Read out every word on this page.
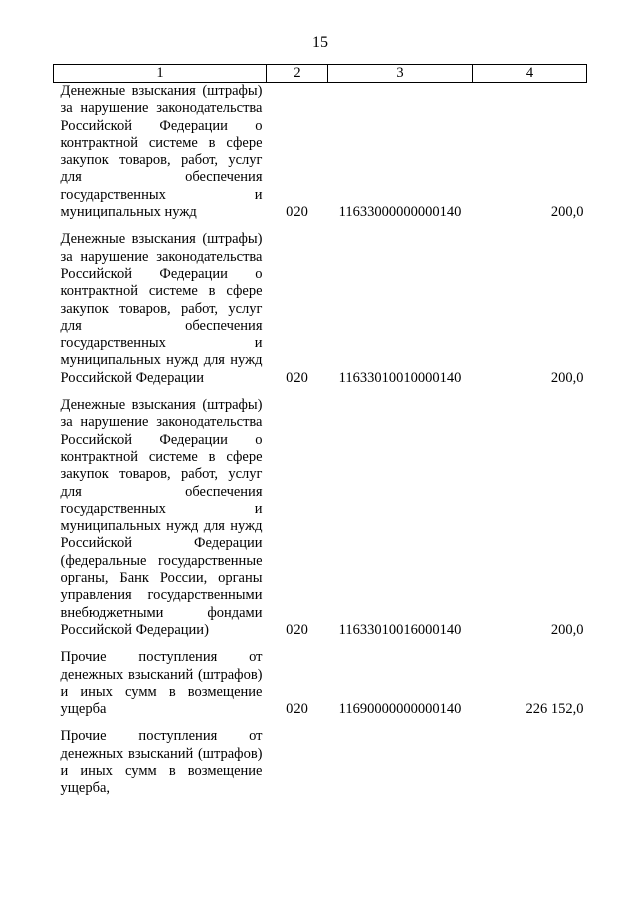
15
1	2	3	4
Денежные взыскания (штрафы) за нарушение законодательства Российской Федерации о контрактной системе в сфере закупок товаров, работ, услуг для обеспечения государственных и муниципальных нужд	020	11633000000000140	200,0
Денежные взыскания (штрафы) за нарушение законодательства Российской Федерации о контрактной системе в сфере закупок товаров, работ, услуг для обеспечения государственных и муниципальных нужд для нужд Российской Федерации	020	11633010010000140	200,0
Денежные взыскания (штрафы) за нарушение законодательства Российской Федерации о контрактной системе в сфере закупок товаров, работ, услуг для обеспечения государственных и муниципальных нужд для нужд Российской Федерации (федеральные государственные органы, Банк России, органы управления государственными внебюджетными фондами Российской Федерации)	020	11633010016000140	200,0
Прочие поступления от денежных взысканий (штрафов) и иных сумм в возмещение ущерба	020	11690000000000140	226 152,0
Прочие поступления от денежных взысканий (штрафов) и иных сумм в возмещение ущерба,			
